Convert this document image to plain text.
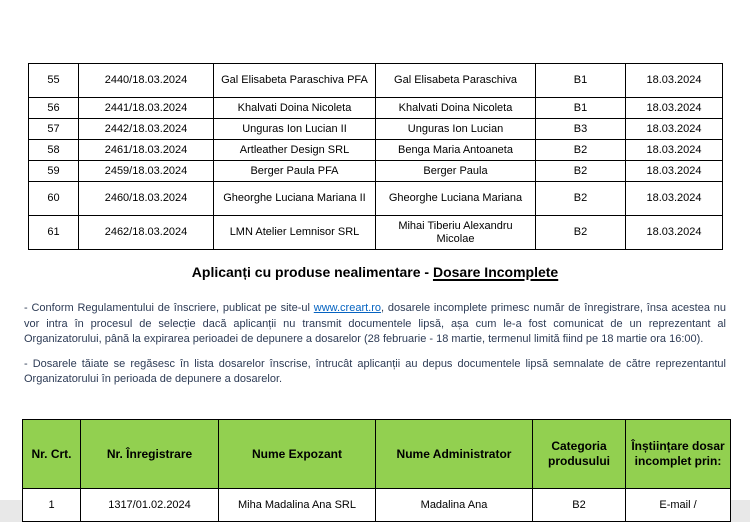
55	2440/18.03.2024	Gal Elisabeta Paraschiva PFA	Gal Elisabeta Paraschiva	B1	18.03.2024
56	2441/18.03.2024	Khalvati Doina Nicoleta	Khalvati Doina Nicoleta	B1	18.03.2024
57	2442/18.03.2024	Unguras Ion Lucian II	Unguras Ion Lucian	B3	18.03.2024
58	2461/18.03.2024	Artleather Design SRL	Benga Maria Antoaneta	B2	18.03.2024
59	2459/18.03.2024	Berger Paula PFA	Berger Paula	B2	18.03.2024
60	2460/18.03.2024	Gheorghe Luciana Mariana II	Gheorghe Luciana Mariana	B2	18.03.2024
61	2462/18.03.2024	LMN Atelier Lemnisor SRL	Mihai Tiberiu Alexandru Micolae	B2	18.03.2024
Aplicanți cu produse nealimentare - Dosare Incomplete

- Conform Regulamentului de înscriere, publicat pe site-ul www.creart.ro, dosarele incomplete primesc număr de înregistrare, însa acestea nu vor intra în procesul de selecție dacă aplicanții nu transmit documentele lipsă, așa cum le-a fost comunicat de un reprezentant al Organizatorului, până la expirarea perioadei de depunere a dosarelor (28 februarie - 18 martie, termenul limită fiind pe 18 martie ora 16:00).

- Dosarele tăiate se regăsesc în lista dosarelor înscrise, întrucât aplicanții au depus documentele lipsă semnalate de către reprezentantul Organizatorului în perioada de depunere a dosarelor.

Nr. Crt.	Nr. Înregistrare	Nume Expozant	Nume Administrator	Categoria produsului	Înștiințare dosar incomplet prin:
1	1317/01.02.2024	Miha Madalina Ana SRL	Madalina Ana	B2	E-mail /
